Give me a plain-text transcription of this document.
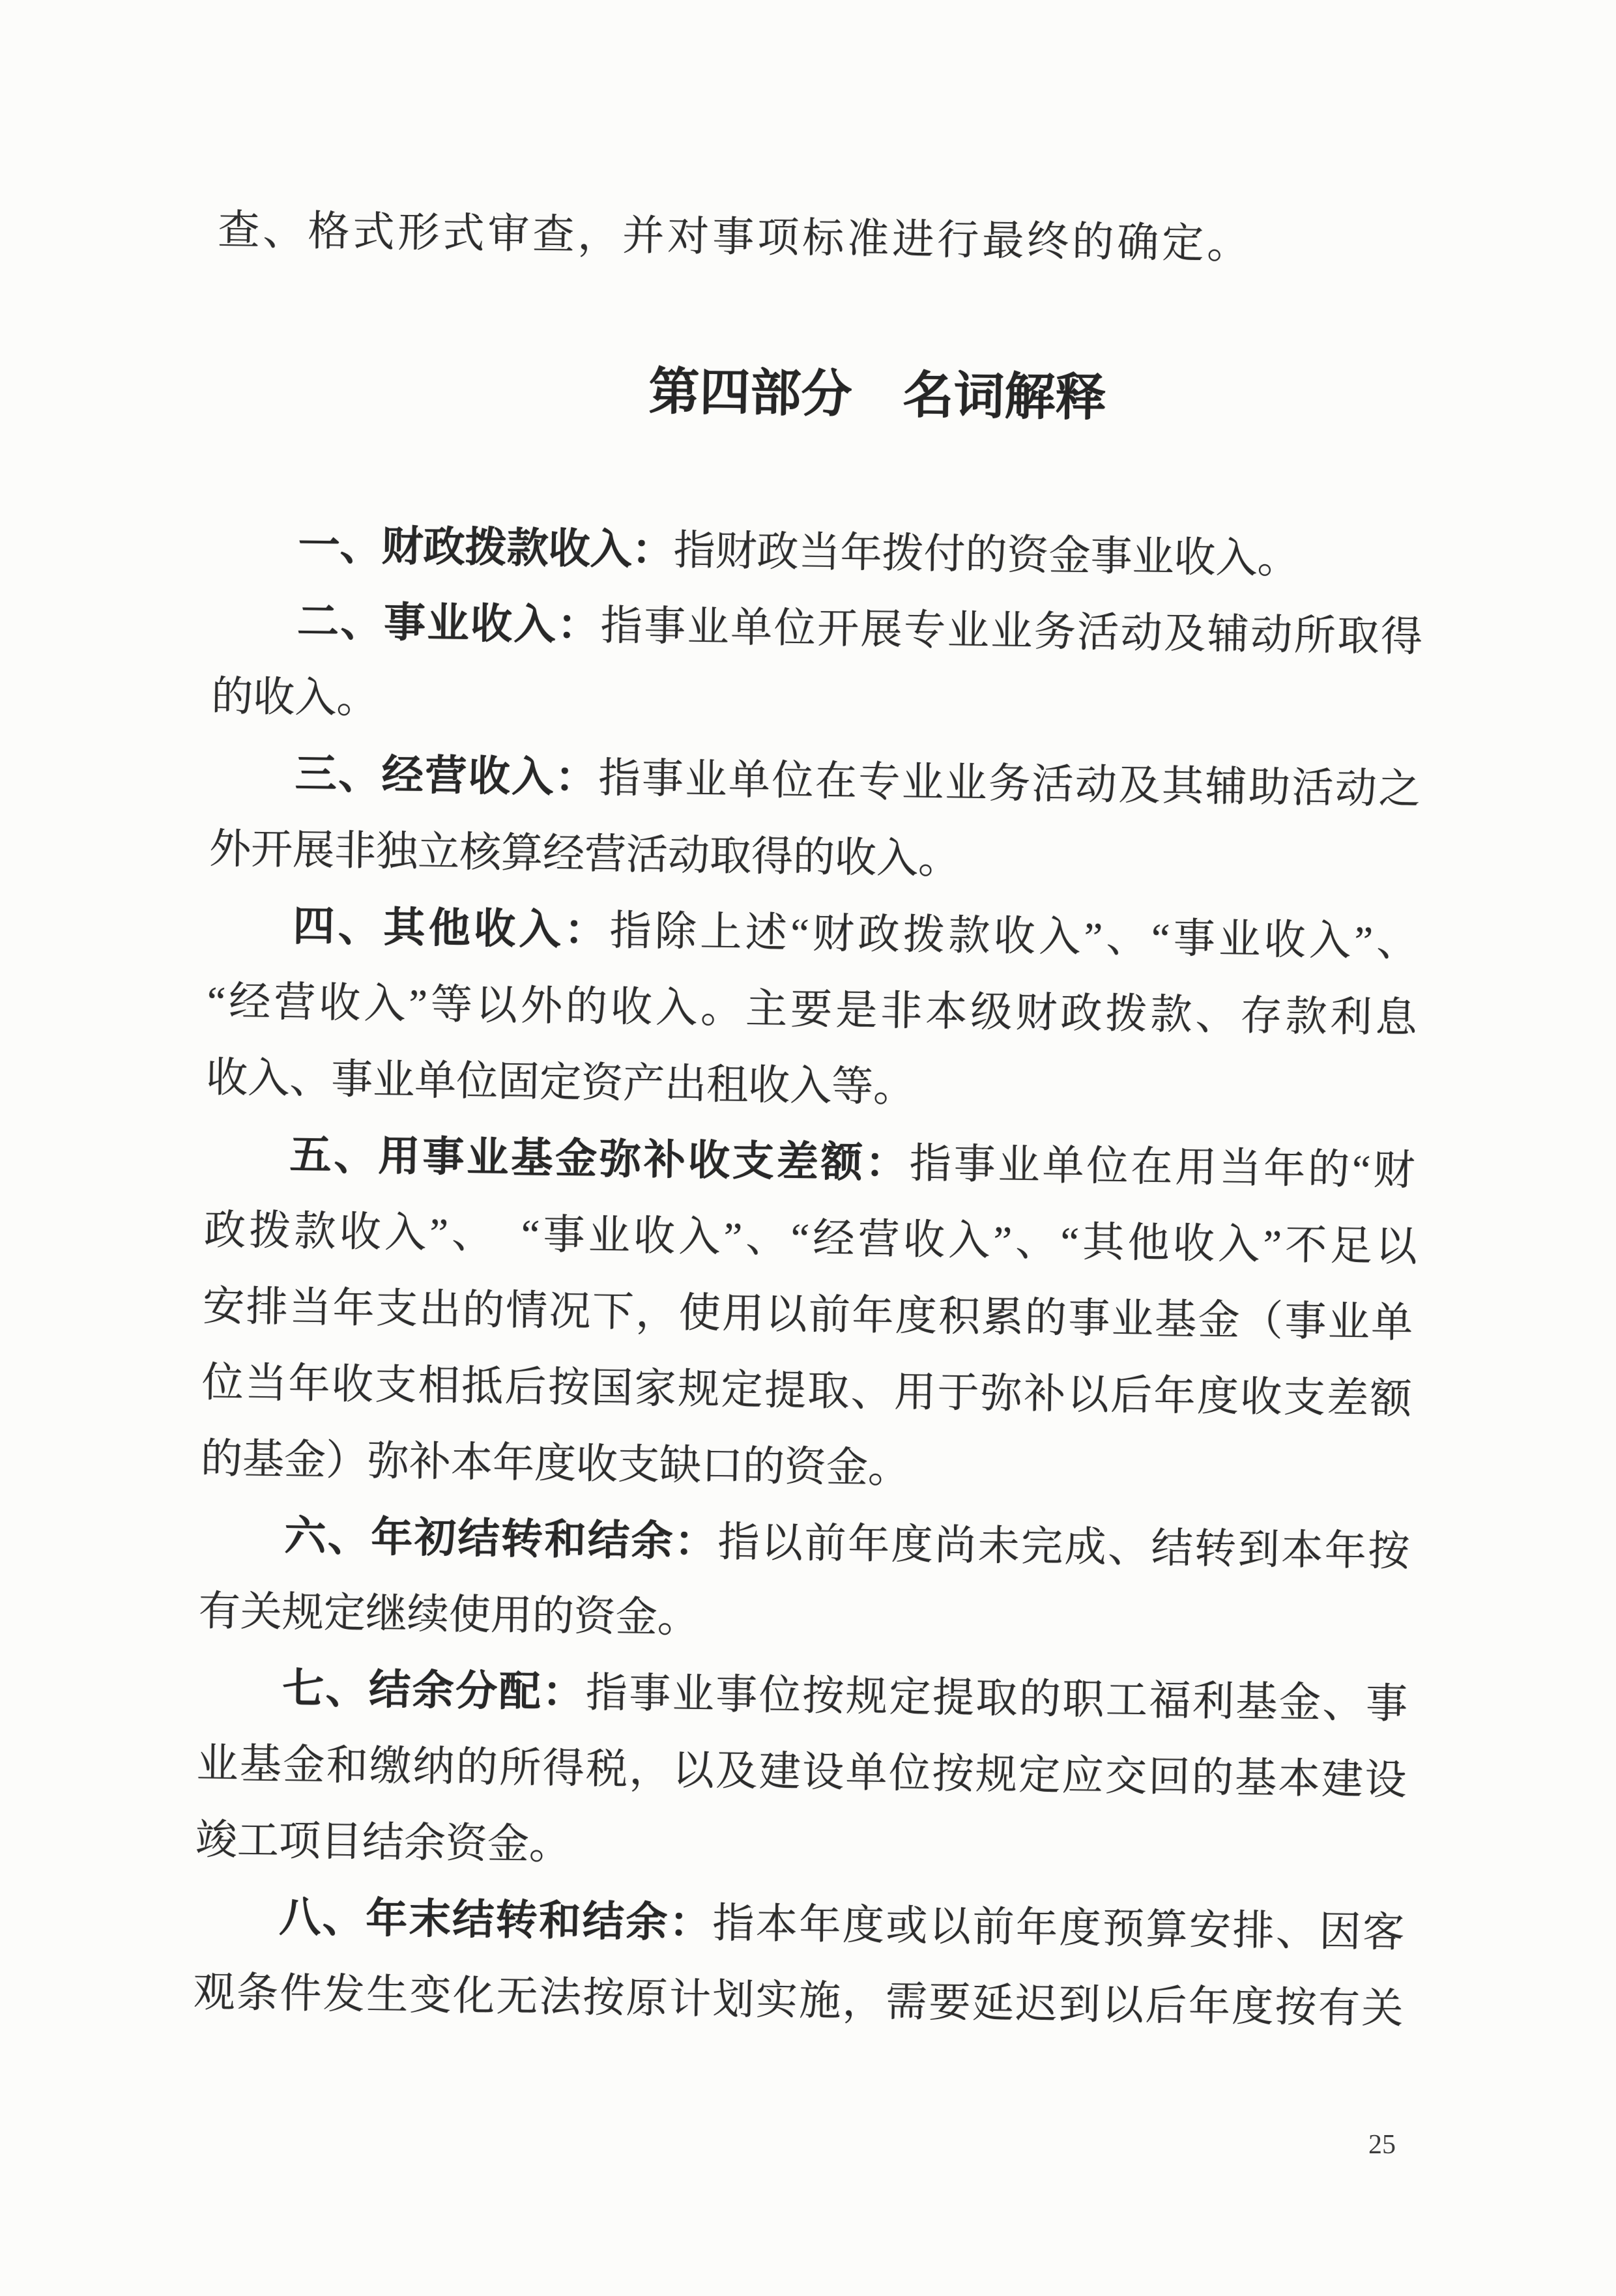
查、格式形式审查，并对事项标准进行最终的确定。
第四部分　名词解释
一、财政拨款收入：指财政当年拨付的资金事业收入。
二、事业收入：指事业单位开展专业业务活动及辅动所取得
的收入。
三、经营收入：指事业单位在专业业务活动及其辅助活动之
外开展非独立核算经营活动取得的收入。
四、其他收入：指除上述“财政拨款收入”、“事业收入”、
“经营收入”等以外的收入。主要是非本级财政拨款、存款利息
收入、事业单位固定资产出租收入等。
五、用事业基金弥补收支差额：指事业单位在用当年的“财
政拨款收入”、　“事业收入”、“经营收入”、“其他收入”不足以
安排当年支出的情况下，使用以前年度积累的事业基金（事业单
位当年收支相抵后按国家规定提取、用于弥补以后年度收支差额
的基金）弥补本年度收支缺口的资金。
六、年初结转和结余：指以前年度尚未完成、结转到本年按
有关规定继续使用的资金。
七、结余分配：指事业事位按规定提取的职工福利基金、事
业基金和缴纳的所得税，以及建设单位按规定应交回的基本建设
竣工项目结余资金。
八、年末结转和结余：指本年度或以前年度预算安排、因客
观条件发生变化无法按原计划实施，需要延迟到以后年度按有关
25
